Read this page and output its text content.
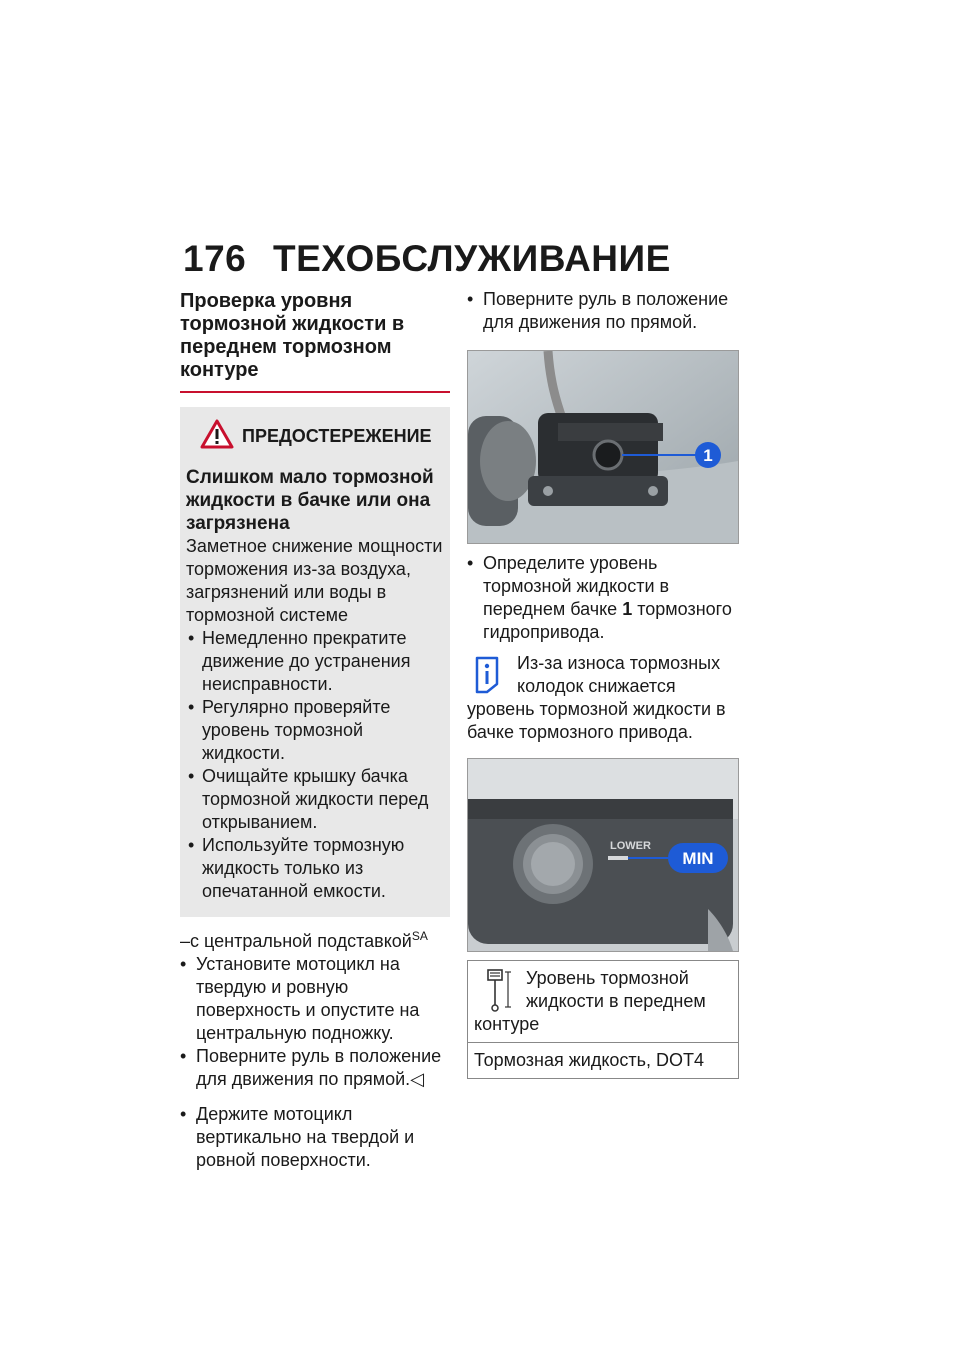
176 ТЕХОБСЛУЖИВАНИЕ
Проверка уровня тормозной жидкости в переднем тормозном контуре
ПРЕДОСТЕРЕЖЕНИЕ
Слишком мало тормозной жидкости в бачке или она загрязнена
Заметное снижение мощности торможения из-за воздуха, загрязнений или воды в тормозной системе
• Немедленно прекратите движение до устранения неисправности.
• Регулярно проверяйте уровень тормозной жидкости.
• Очищайте крышку бачка тормозной жидкости перед открыванием.
• Используйте тормозную жидкость только из опечатанной емкости.
–с центральной подставкой$^{SA}$
• Установите мотоцикл на твердую и ровную поверхность и опустите на центральную подножку.
• Поверните руль в положение для движения по прямой.◁
• Держите мотоцикл вертикально на твердой и ровной поверхности.
• Поверните руль в положение для движения по прямой.
1
• Определите уровень тормозной жидкости в переднем бачке 1 тормозного гидропривода.
Из-за износа тормозных колодок снижается уровень тормозной жидкости в бачке тормозного привода.
LOWER
MIN
Уровень тормозной жидкости в переднем контуре
Тормозная жидкость, DOT4
